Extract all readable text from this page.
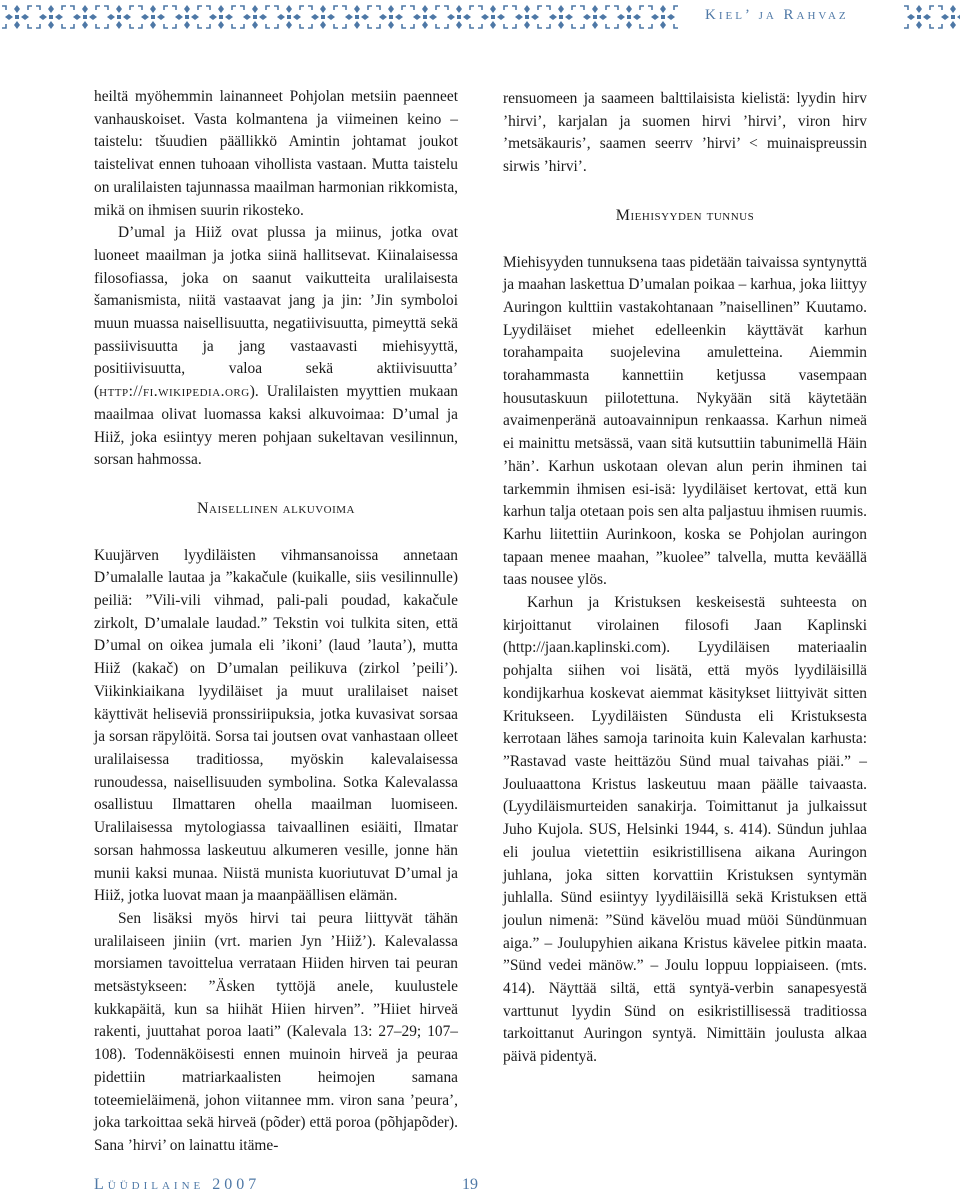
Kiel’ ja Rahvaz

heiltä myöhemmin lainanneet Pohjolan metsiin paenneet vanhauskoiset. Vasta kolmantena ja viimeinen keino – taistelu: tšuudien päällikkö Amintin johtamat joukot taistelivat ennen tuhoaan vihollista vastaan. Mutta taistelu on uralilaisten tajunnassa maailman harmonian rikkomista, mikä on ihmisen suurin rikosteko.

D’umal ja Hiiž ovat plussa ja miinus, jotka ovat luoneet maailman ja jotka siinä hallitsevat. Kiinalaisessa filosofiassa, joka on saanut vaikutteita uralilaisesta šamanismista, niitä vastaavat jang ja jin: ’Jin symboloi muun muassa naisellisuutta, negatiivisuutta, pimeyttä sekä passiivisuutta ja jang vastaavasti miehisyyttä, positiivisuutta, valoa sekä aktiivisuutta’ (http://fi.wikipedia.org). Uralilaisten myyttien mukaan maailmaa olivat luomassa kaksi alkuvoimaa: D’umal ja Hiiž, joka esiintyy meren pohjaan sukeltavan vesilinnun, sorsan hahmossa.

Naisellinen alkuvoima

Kuujärven lyydiläisten vihmansanoissa annetaan D’umalalle lautaa ja ”kakačule (kuikalle, siis vesilinnulle) peiliä: ”Vili-vili vihmad, pali-pali poudad, kakačule zirkolt, D’umalale laudad.” Tekstin voi tulkita siten, että D’umal on oikea jumala eli ’ikoni’ (laud ’lauta’), mutta Hiiž (kakač) on D’umalan peilikuva (zirkol ’peili’). Viikinkiaikana lyydiläiset ja muut uralilaiset naiset käyttivät heliseviä pronssiriipuksia, jotka kuvasivat sorsaa ja sorsan räpylöitä. Sorsa tai joutsen ovat vanhastaan olleet uralilaisessa traditiossa, myöskin kalevalaisessa runoudessa, naisellisuuden symbolina. Sotka Kalevalassa osallistuu Ilmattaren ohella maailman luomiseen. Uralilaisessa mytologiassa taivaallinen esiäiti, Ilmatar sorsan hahmossa laskeutuu alkumeren vesille, jonne hän munii kaksi munaa. Niistä munista kuoriutuvat D’umal ja Hiiž, jotka luovat maan ja maanpäällisen elämän.

Sen lisäksi myös hirvi tai peura liittyvät tähän uralilaiseen jiniin (vrt. marien Jyn ’Hiiž’). Kalevalassa morsiamen tavoittelua verrataan Hiiden hirven tai peuran metsästykseen: ”Äsken tyttöjä anele, kuulustele kukkapäitä, kun sa hiihät Hiien hirven”. ”Hiiet hirveä rakenti, juuttahat poroa laati” (Kalevala 13: 27–29; 107–108). Todennäköisesti ennen muinoin hirveä ja peuraa pidettiin matriarkaalisten heimojen samana toteemieläimenä, johon viitannee mm. viron sana ’peura’, joka tarkoittaa sekä hirveä (põder) että poroa (põhjapõder). Sana ’hirvi’ on lainattu itäme-

rensuomeen ja saameen balttilaisista kielistä: lyydin hirv ’hirvi’, karjalan ja suomen hirvi ’hirvi’, viron hirv ’metsäkauris’, saamen seerrv ’hirvi’ < muinaispreussin sirwis ’hirvi’.

Miehisyyden tunnus

Miehisyyden tunnuksena taas pidetään taivaissa syntynyttä ja maahan laskettua D’umalan poikaa – karhua, joka liittyy Auringon kulttiin vastakohtanaan ”naisellinen” Kuutamo. Lyydiläiset miehet edelleenkin käyttävät karhun torahampaita suojelevina amuletteina. Aiemmin torahammasta kannettiin ketjussa vasempaan housutaskuun piilotettuna. Nykyään sitä käytetään avaimenperänä autoavainnipun renkaassa. Karhun nimeä ei mainittu metsässä, vaan sitä kutsuttiin tabunimellä Häin ’hän’. Karhun uskotaan olevan alun perin ihminen tai tarkemmin ihmisen esi-isä: lyydiläiset kertovat, että kun karhun talja otetaan pois sen alta paljastuu ihmisen ruumis. Karhu liitettiin Aurinkoon, koska se Pohjolan auringon tapaan menee maahan, ”kuolee” talvella, mutta keväällä taas nousee ylös.

Karhun ja Kristuksen keskeisestä suhteesta on kirjoittanut virolainen filosofi Jaan Kaplinski (http://jaan.kaplinski.com). Lyydiläisen materiaalin pohjalta siihen voi lisätä, että myös lyydiläisillä kondijkarhua koskevat aiemmat käsitykset liittyivät sitten Kritukseen. Lyydiläisten Sündusta eli Kristuksesta kerrotaan lähes samoja tarinoita kuin Kalevalan karhusta: ”Rastavad vaste heittäzöu Sünd mual taivahas piäi.” – Jouluaattona Kristus laskeutuu maan päälle taivaasta. (Lyydiläismurteiden sanakirja. Toimittanut ja julkaissut Juho Kujola. SUS, Helsinki 1944, s. 414). Sündun juhlaa eli joulua vietettiin esikristillisena aikana Auringon juhlana, joka sitten korvattiin Kristuksen syntymän juhlalla. Sünd esiintyy lyydiläisillä sekä Kristuksen että joulun nimenä: ”Sünd kävelöu muad müöi Sündünmuan aiga.” – Joulupyhien aikana Kristus kävelee pitkin maata. ”Sünd vedei mänöw.” – Joulu loppuu loppiaiseen. (mts. 414). Näyttää siltä, että syntyä-verbin sanapesyestä varttunut lyydin Sünd on esikristillisessä traditiossa tarkoittanut Auringon syntyä. Nimittäin joulusta alkaa päivä pidentyä.

Lüüdilaine 2007	19
